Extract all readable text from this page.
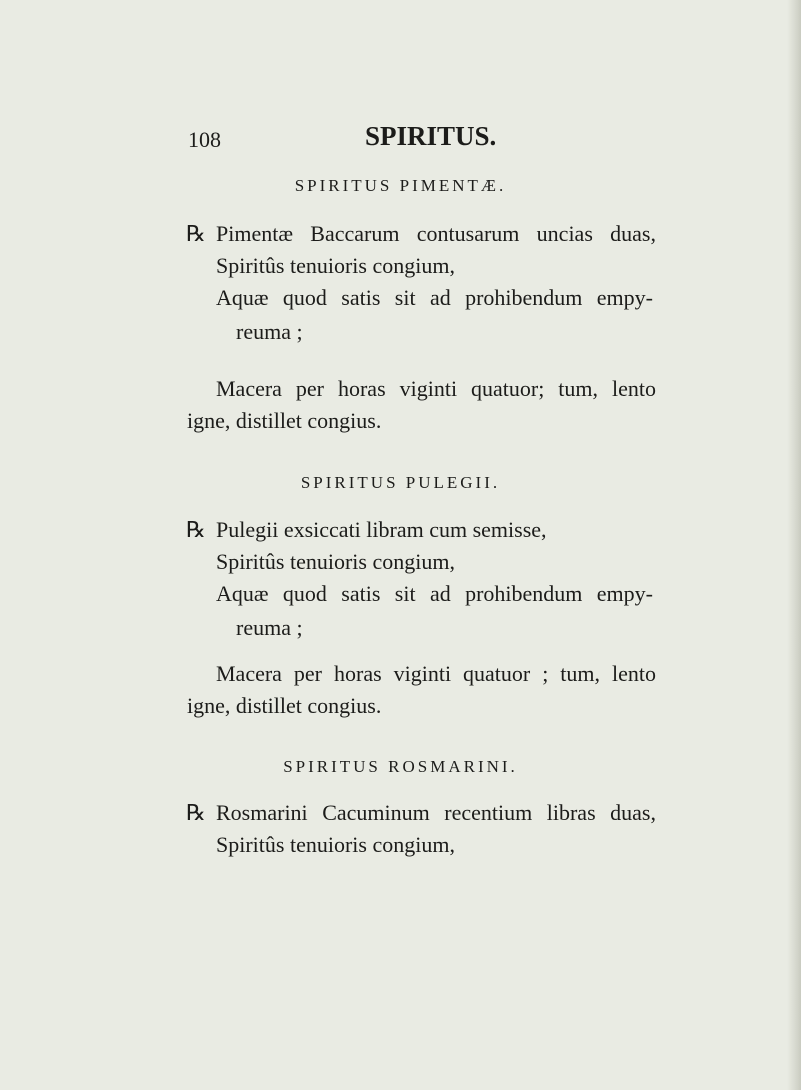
108	SPIRITUS.
SPIRITUS PIMENTÆ.
℞ Pimentæ Baccarum contusarum uncias duas,
Spiritûs tenuioris congium,
Aquæ quod satis sit ad prohibendum empy-
reuma ;
Macera per horas viginti quatuor; tum, lento
igne, distillet congius.
SPIRITUS PULEGII.
℞ Pulegii exsiccati libram cum semisse,
Spiritûs tenuioris congium,
Aquæ quod satis sit ad prohibendum empy-
reuma ;
Macera per horas viginti quatuor ; tum, lento
igne, distillet congius.
SPIRITUS ROSMARINI.
℞ Rosmarini Cacuminum recentium libras duas,
Spiritûs tenuioris congium,
